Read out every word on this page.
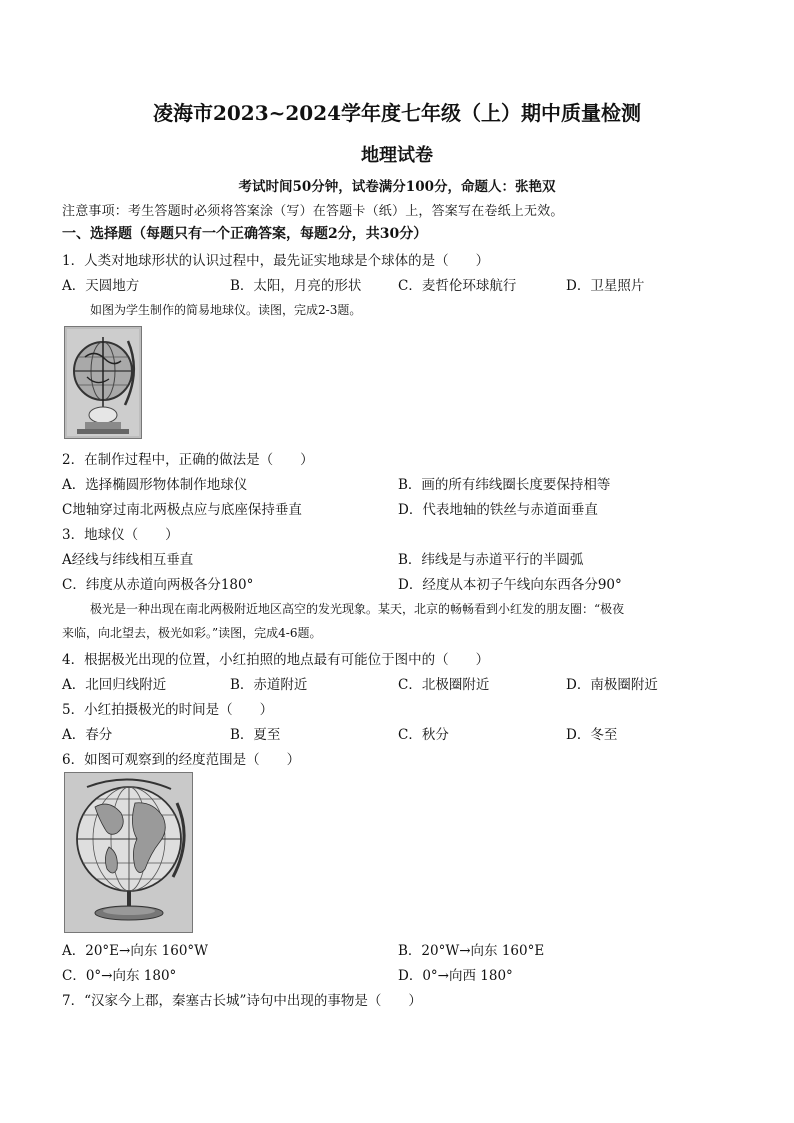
凌海市2023~2024学年度七年级（上）期中质量检测
地理试卷
考试时间50分钟，试卷满分100分，命题人：张艳双
注意事项：考生答题时必须将答案涂（写）在答题卡（纸）上，答案写在卷纸上无效。
一、选择题（每题只有一个正确答案，每题2分，共30分）
1．人类对地球形状的认识过程中，最先证实地球是个球体的是（　　）
A．天圆地方	B．太阳，月亮的形状	C．麦哲伦环球航行	D．卫星照片
如图为学生制作的简易地球仪。读图，完成2-3题。
2．在制作过程中，正确的做法是（　　）
A．选择椭圆形物体制作地球仪	B．画的所有纬线圈长度要保持相等
C地轴穿过南北两极点应与底座保持垂直	D．代表地轴的铁丝与赤道面垂直
3．地球仪（　　）
A经线与纬线相互垂直	B．纬线是与赤道平行的半圆弧
C．纬度从赤道向两极各分180°	D．经度从本初子午线向东西各分90°
极光是一种出现在南北两极附近地区高空的发光现象。某天，北京的畅畅看到小红发的朋友圈：“极夜
来临，向北望去，极光如彩。”读图，完成4-6题。
4．根据极光出现的位置，小红拍照的地点最有可能位于图中的（　　）
A．北回归线附近	B．赤道附近	C．北极圈附近	D．南极圈附近
5．小红拍摄极光的时间是（　　）
A．春分	B．夏至	C．秋分	D．冬至
6．如图可观察到的经度范围是（　　）
A．20°E→向东 160°W	B．20°W→向东 160°E
C．0°→向东 180°	D．0°→向西 180°
7．“汉家今上郡，秦塞古长城”诗句中出现的事物是（　　）
